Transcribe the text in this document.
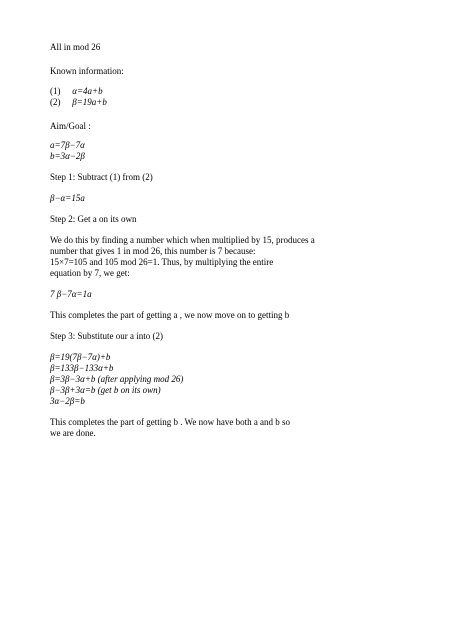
All in mod 26
Known information:
(1) α=4a+b
(2) β=19a+b
Aim/Goal :
a=7β−7α
b=3α−2β
Step 1: Subtract (1) from (2)
β−α=15a
Step 2: Get a on its own
We do this by finding a number which when multiplied by 15, produces a
number that gives 1 in mod 26, this number is 7 because:
15×7=105 and 105 mod 26=1. Thus, by multiplying the entire
equation by 7, we get:
7 β−7α=1a
This completes the part of getting a , we now move on to getting b
Step 3: Substitute our a into (2)
β=19(7β−7α)+b
β=133β−133α+b
β=3β−3α+b (after applying mod 26)
β−3β+3α=b (get b on its own)
3α−2β=b
This completes the part of getting b . We now have both a and b so
we are done.
